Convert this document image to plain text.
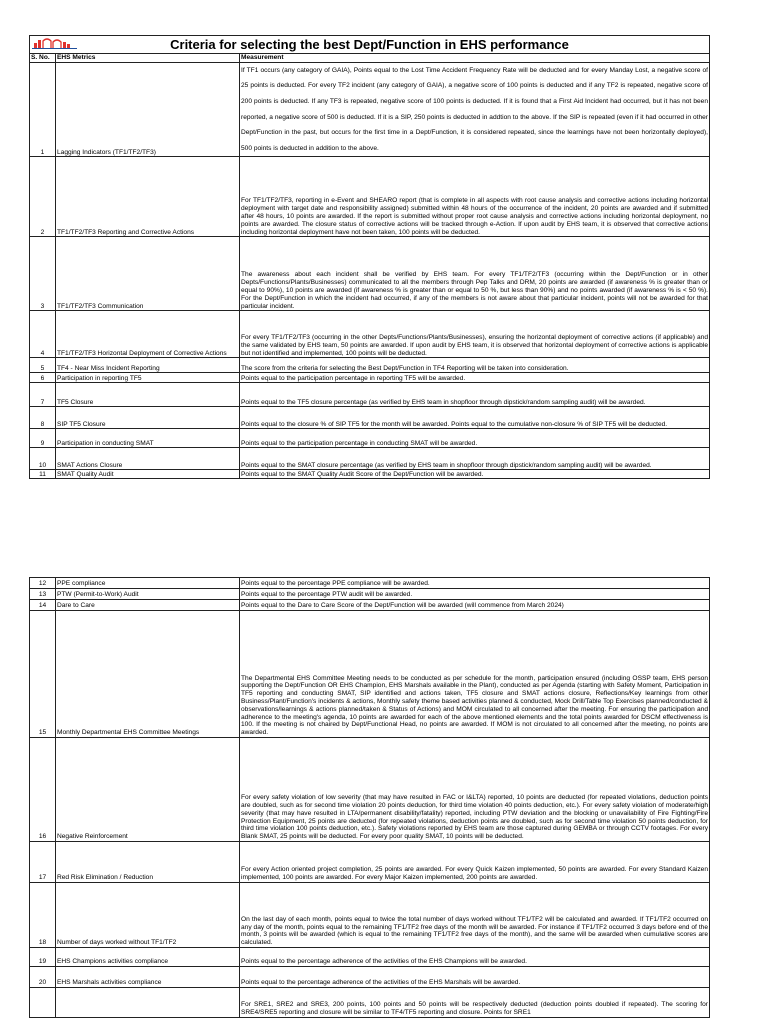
Criteria for selecting the best Dept/Function in EHS performance		
S. No.	EHS Metrics	Measurement
1	Lagging Indicators (TF1/TF2/TF3)	If TF1 occurs (any category of GAIA), Points equal to the Lost Time Accident Frequency Rate will be deducted and for every Manday Lost, a negative score of 25 points is deducted. For every TF2 incident (any category of GAIA), a negative score of 100 points is deducted and if any TF2 is repeated, negative score of 200 points is deducted. If any TF3 is repeated, negative score of 100 points is deducted. If it is found that a First Aid Incident had occurred, but it has not been reported, a negative score of 500 is deducted. If it is a SIP, 250 points is deducted in addtion to the above. If the SIP is repeated (even if it had occurred in other Dept/Function in the past, but occurs for the first time in a Dept/Function, it is considered repeated, since the learnings have not been horizontally deployed), 500 points is deducted in addition to the above.
2	TF1/TF2/TF3 Reporting and Corrective Actions	For TF1/TF2/TF3, reporting in e-Event and SHEARO report (that is complete in all aspects with root cause analysis and corrective actions including horizontal deployment with target date and responsibility assigned) submitted within 48 hours of the occurrence of the incident, 20 points are awarded and if submitted after 48 hours, 10 points are awarded. If the report is submitted without proper root cause analysis and corrective actions including horizontal deployment, no points are awarded. The closure status of corrective actions will be tracked through e-Action. If upon audit by EHS team, it is observed that corrective actions including horizontal deployment have not been taken, 100 points will be deducted.
3	TF1/TF2/TF3 Communication	The awareness about each incident shall be verified by EHS team. For every TF1/TF2/TF3 (occurring within the Dept/Function or in other Depts/Functions/Plants/Businesses) communicated to all the members through Pep Talks and DRM, 20 points are awarded (if awareness % is greater than or equal to 90%), 10 points are awarded (if awareness % is greater than or equal to 50 %, but less than 90%) and no points awarded (if awareness % is < 50 %). For the Dept/Function in which the incident had occurred, if any of the members is not aware about that particular incident, points will not be awarded for that particular incident.
4	TF1/TF2/TF3 Horizontal Deployment of Corrective Actions	For every TF1/TF2/TF3 (occurring in the other Depts/Functions/Plants/Businesses), ensuring the horizontal deployment of corrective actions (if applicable) and the same validated by EHS team, 50 points are awarded. If upon audit by EHS team, it is observed that horizontal deployment of corrective actions is applicable but not identified and implemented, 100 points will be deducted.
5	TF4 - Near Miss Incident Reporting	The score from the criteria for selecting the Best Dept/Function in TF4 Reporting will be taken into consideration.
6	Participation in reporting TF5	Points equal to the participation percentage in reporting TF5 will be awarded.
7	TF5 Closure	Points equal to the TF5 closure percentage (as verified by EHS team in shopfloor through dipstick/random sampling audit) will be awarded.
8	SIP TF5 Closure	Points equal to the closure % of SIP TF5 for the month will be awarded. Points equal to the cumulative non-closure % of SIP TF5 will be deducted.
9	Participation in conducting SMAT	Points equal to the participation percentage in conducting SMAT will be awarded.
10	SMAT Actions Closure	Points equal to the SMAT closure percentage (as verified by EHS team in shopfloor through dipstick/random sampling audit) will be awarded.
11	SMAT Quality Audit	Points equal to the SMAT Quality Audit Score of the Dept/Function will be awarded.
12	PPE compliance	Points equal to the percentage PPE compliance will be awarded.
13	PTW (Permit-to-Work) Audit	Points equal to the percentage PTW audit will be awarded.
14	Dare to Care	Points equal to the Dare to Care Score of the Dept/Function will be awarded (will commence from March 2024)
15	Monthly Departmental EHS Committee Meetings	The Departmental EHS Committee Meeting needs to be conducted as per schedule for the month, participation ensured (including OSSP team, EHS person supporting the Dept/Function OR EHS Champion, EHS Marshals available in the Plant), conducted as per Agenda (starting with Safety Moment, Participation in TF5 reporting and conducting SMAT, SIP identified and actions taken, TF5 closure and SMAT actions closure, Reflections/Key learnings from other Business/Plant/Function's incidents & actions, Monthly safety theme based activities planned & conducted, Mock Drill/Table Top Exercises planned/conducted & observations/learnings & actions planned/taken & Status of Actions) and MOM circulated to all concerned after the meeting. For ensuring the participation and adherence to the meeting's agenda, 10 points are awarded for each of the above mentioned elements and the total points awarded for DSCM effectiveness is 100. If the meeting is not chaired by Dept/Functional Head, no points are awarded. If MOM is not circulated to all concerned after the meeting, no points are awarded.
16	Negative Reinforcement	For every safety violation of low severity (that may have resulted in FAC or I&LTA) reported, 10 points are deducted (for repeated violations, deduction points are doubled, such as for second time violation 20 points deduction, for third time violation 40 points deduction, etc.). For every safety violation of moderate/high severity (that may have resulted in LTA/permanent disability/fatality) reported, including PTW deviation and the blocking or unavailability of Fire Fighting/Fire Protection Equipment, 25 points are deducted (for repeated violations, deduction points are doubled, such as for second time violation 50 points deduction, for third time violation 100 points deduction, etc.). Safety violations reported by EHS team are those captured during GEMBA or through CCTV footages. For every Blank SMAT, 25 points will be deducted. For every poor quality SMAT, 10 points will be deducted.
17	Red Risk Elimination / Reduction	For every Action oriented project completion, 25 points are awarded. For every Quick Kaizen implemented, 50 points are awarded. For every Standard Kaizen implemented, 100 points are awarded. For every Major Kaizen implemented, 200 points are awarded.
18	Number of days worked without TF1/TF2	On the last day of each month, points equal to twice the total number of days worked without TF1/TF2 will be calculated and awarded. If TF1/TF2 occurred on any day of the month, points equal to the remaining TF1/TF2 free days of the month will be awarded. For instance if TF1/TF2 occurred 3 days before end of the month, 3 points will be awarded (which is equal to the remaining TF1/TF2 free days of the month), and the same will be awarded when cumulative scores are calculated.
19	EHS Champions activities compliance	Points equal to the percentage adherence of the activities of the EHS Champions will be awarded.
20	EHS Marshals activities compliance	Points equal to the percentage adherence of the activities of the EHS Marshals will be awarded.
		For SRE1, SRE2 and SRE3, 200 points, 100 points and 50 points will be respectively deducted (deduction points doubled if repeated). The scoring for SRE4/SRE5 reporting and closure will be similar to TF4/TF5 reporting and closure. Points for SRE1
